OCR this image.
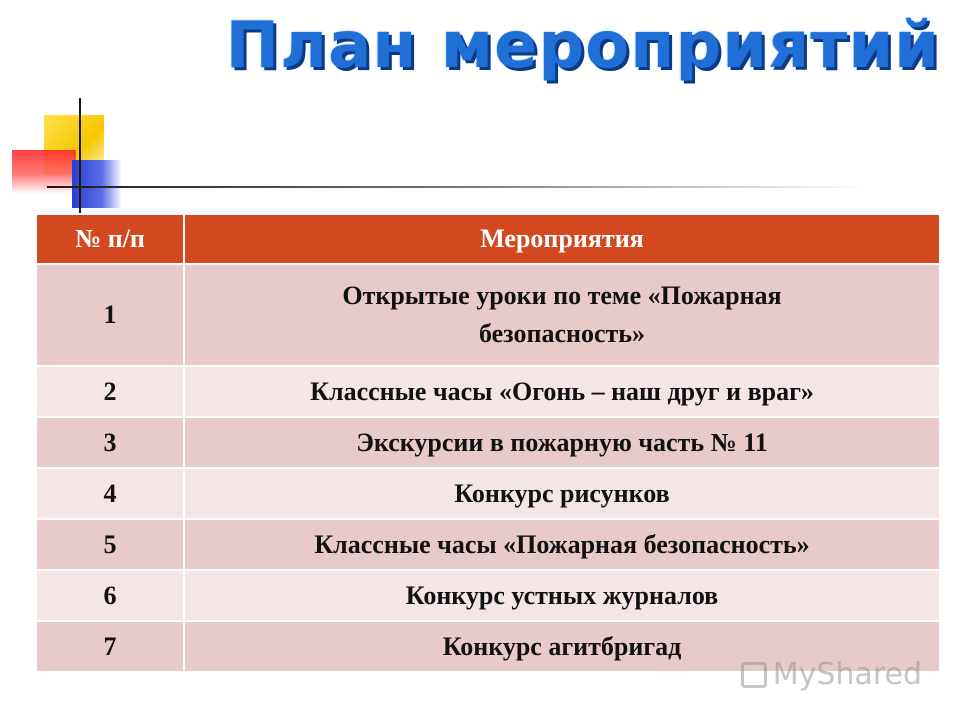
План мероприятий
№ п/п	Мероприятия
1	Открытые уроки по теме «Пожарная безопасность»
2	Классные часы «Огонь – наш друг и враг»
3	Экскурсии в пожарную часть № 11
4	Конкурс рисунков
5	Классные часы «Пожарная безопасность»
6	Конкурс устных журналов
7	Конкурс агитбригад
MyShared
